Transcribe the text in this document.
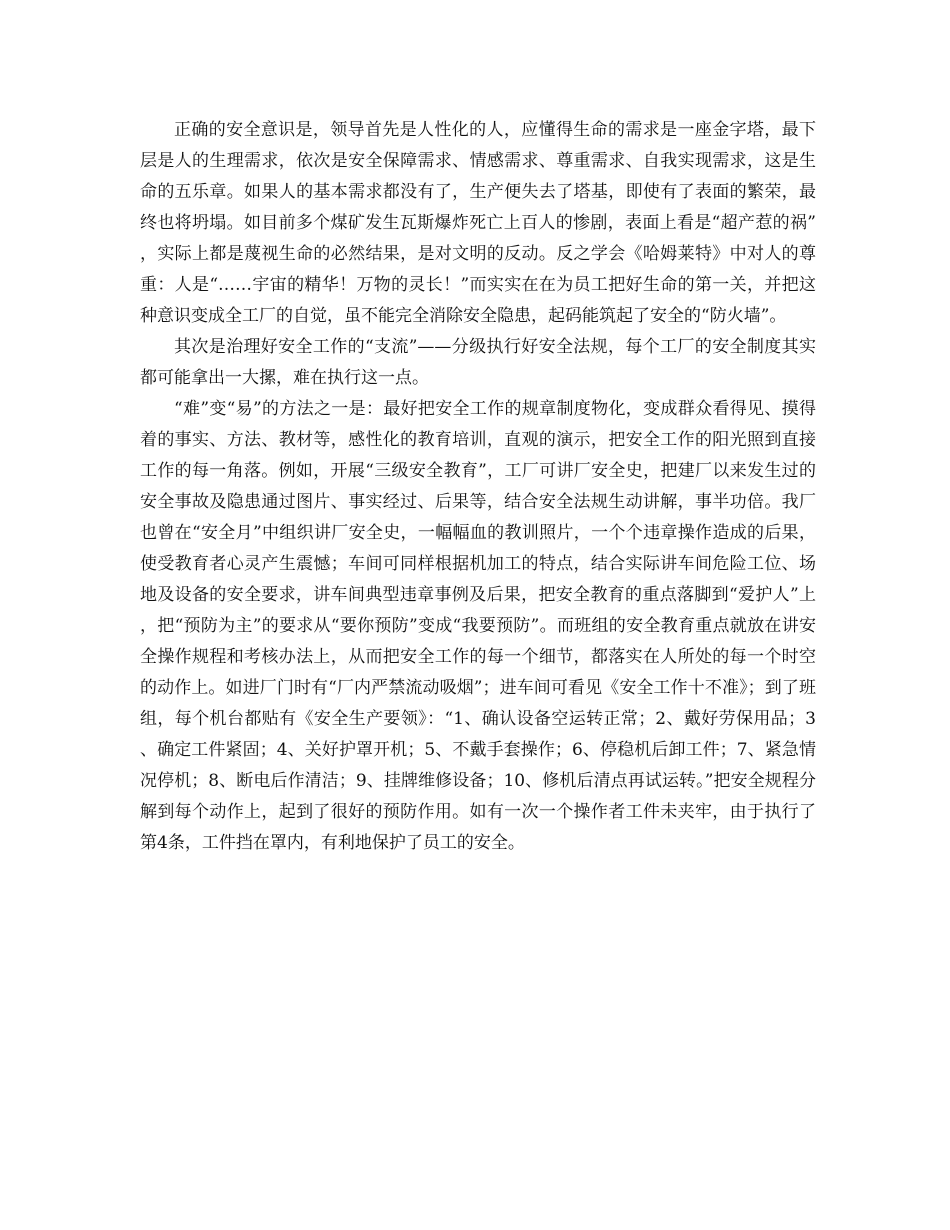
正确的安全意识是，领导首先是人性化的人，应懂得生命的需求是一座金字塔，最下层是人的生理需求，依次是安全保障需求、情感需求、尊重需求、自我实现需求，这是生命的五乐章。如果人的基本需求都没有了，生产便失去了塔基，即使有了表面的繁荣，最终也将坍塌。如目前多个煤矿发生瓦斯爆炸死亡上百人的惨剧，表面上看是“超产惹的祸”，实际上都是蔑视生命的必然结果，是对文明的反动。反之学会《哈姆莱特》中对人的尊重：人是“……宇宙的精华！万物的灵长！”而实实在在为员工把好生命的第一关，并把这种意识变成全工厂的自觉，虽不能完全消除安全隐患，起码能筑起了安全的“防火墙”。

其次是治理好安全工作的“支流”——分级执行好安全法规，每个工厂的安全制度其实都可能拿出一大摞，难在执行这一点。

“难”变“易”的方法之一是：最好把安全工作的规章制度物化，变成群众看得见、摸得着的事实、方法、教材等，感性化的教育培训，直观的演示，把安全工作的阳光照到直接工作的每一角落。例如，开展“三级安全教育”，工厂可讲厂安全史，把建厂以来发生过的安全事故及隐患通过图片、事实经过、后果等，结合安全法规生动讲解，事半功倍。我厂也曾在“安全月”中组织讲厂安全史，一幅幅血的教训照片，一个个违章操作造成的后果，使受教育者心灵产生震憾；车间可同样根据机加工的特点，结合实际讲车间危险工位、场地及设备的安全要求，讲车间典型违章事例及后果，把安全教育的重点落脚到“爱护人”上，把“预防为主”的要求从“要你预防”变成“我要预防”。而班组的安全教育重点就放在讲安全操作规程和考核办法上，从而把安全工作的每一个细节，都落实在人所处的每一个时空的动作上。如进厂门时有“厂内严禁流动吸烟”；进车间可看见《安全工作十不准》；到了班组，每个机台都贴有《安全生产要领》：“1、确认设备空运转正常；2、戴好劳保用品；3、确定工件紧固；4、关好护罩开机；5、不戴手套操作；6、停稳机后卸工件；7、紧急情况停机；8、断电后作清洁；9、挂牌维修设备；10、修机后清点再试运转。”把安全规程分解到每个动作上，起到了很好的预防作用。如有一次一个操作者工件未夹牢，由于执行了第4条，工件挡在罩内，有利地保护了员工的安全。
